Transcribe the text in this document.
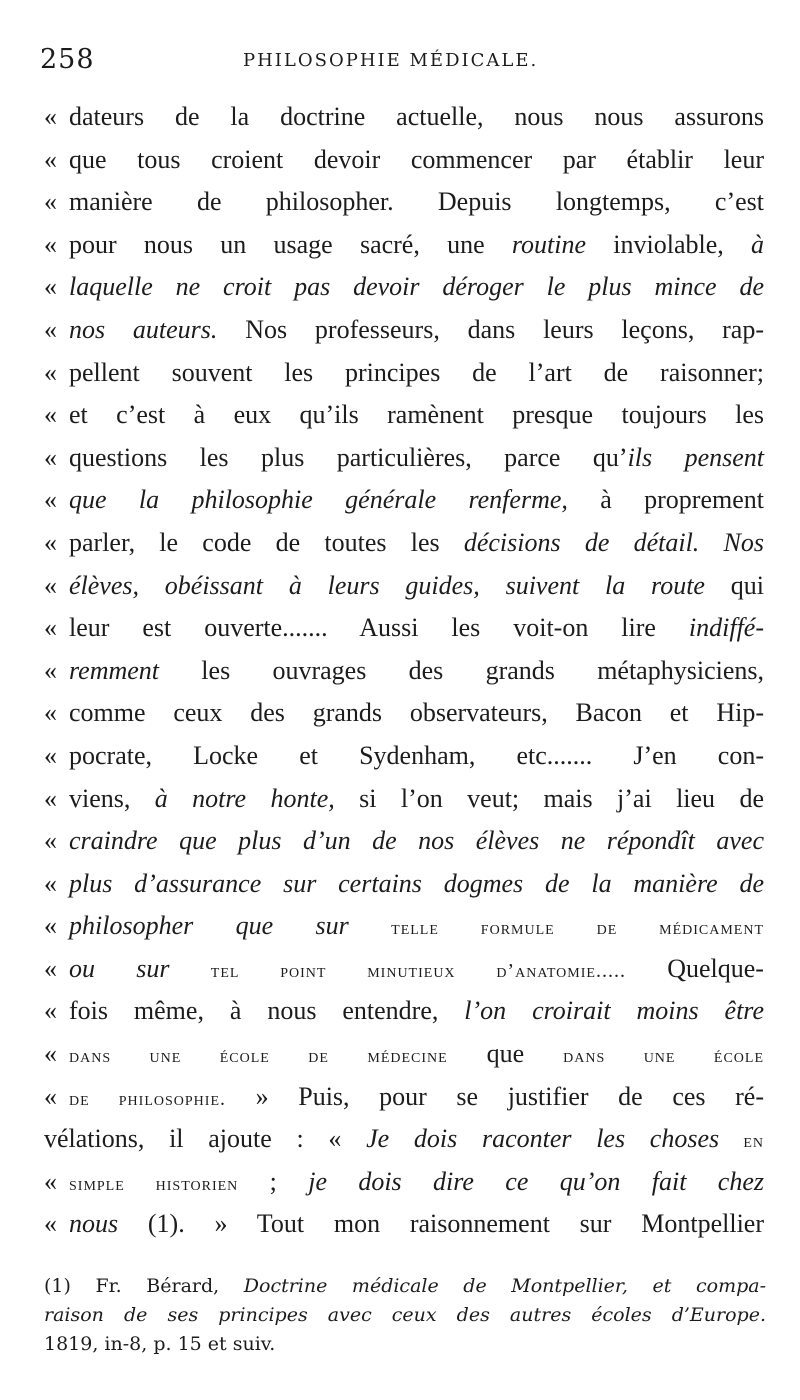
258	PHILOSOPHIE MÉDICALE.
« dateurs de la doctrine actuelle, nous nous assurons
« que tous croient devoir commencer par établir leur
« manière de philosopher. Depuis longtemps, c’est
« pour nous un usage sacré, une routine inviolable, à
« laquelle ne croit pas devoir déroger le plus mince de
« nos auteurs. Nos professeurs, dans leurs leçons, rap-
« pellent souvent les principes de l’art de raisonner;
« et c’est à eux qu’ils ramènent presque toujours les
« questions les plus particulières, parce qu’ils pensent
« que la philosophie générale renferme, à proprement
« parler, le code de toutes les décisions de détail. Nos
« élèves, obéissant à leurs guides, suivent la route qui
« leur est ouverte....... Aussi les voit-on lire indiffé-
« remment les ouvrages des grands métaphysiciens,
« comme ceux des grands observateurs, Bacon et Hip-
« pocrate, Locke et Sydenham, etc....... J’en con-
« viens, à notre honte, si l’on veut; mais j’ai lieu de
« craindre que plus d’un de nos élèves ne répondît avec
« plus d’assurance sur certains dogmes de la manière de
« philosopher que sur telle formule de médicament
« ou sur tel point minutieux d’anatomie..... Quelque-
« fois même, à nous entendre, l’on croirait moins être
« dans une école de médecine que dans une école
« de philosophie. » Puis, pour se justifier de ces ré-
vélations, il ajoute : « Je dois raconter les choses en
« simple historien ; je dois dire ce qu’on fait chez
« nous (1). » Tout mon raisonnement sur Montpellier
(1) Fr. Bérard, Doctrine médicale de Montpellier, et compa-
raison de ses principes avec ceux des autres écoles d’Europe.
1819, in-8, p. 15 et suiv.
